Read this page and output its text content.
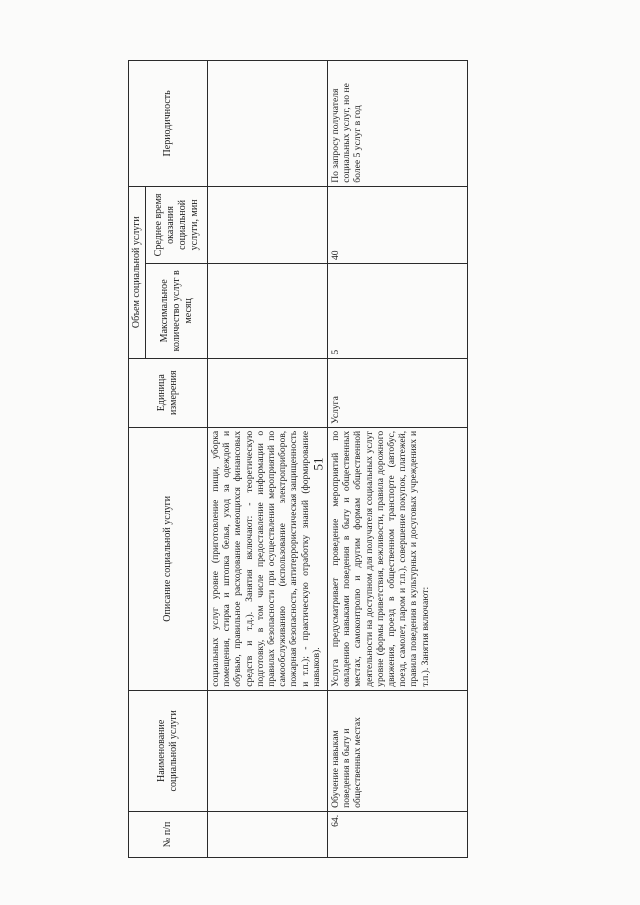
51
№ п/п	Наименование социальной услуги	Описание социальной услуги	Единица измерения	Объем социальной услуги		Периодичность
				Максимальное количество услуг в месяц	Среднее время оказания социальной услуги, мин	
		социальных услуг уровне (приготовление пищи, уборка помещения, стирка и штопка белья, уход за одеждой и обувью, правильное расходование имеющихся финансовых средств и т.д.). Занятия включают: - теоретическую подготовку, в том числе предоставление информации о правилах безопасности при осуществлении мероприятий по самообслуживанию (использование электроприборов, пожарная безопасность, антитеррористическая защищенность и т.п.); - практическую отработку знаний (формирование навыков).				
64.	Обучение навыкам поведения в быту и общественных местах	Услуга предусматривает проведение мероприятий по овладению навыками поведения в быту и общественных местах, самоконтролю и другим формам общественной деятельности на доступном для получателя социальных услуг уровне (формы приветствия, вежливости, правила дорожного движения, проезд в общественном транспорте (автобус, поезд, самолет, паром и т.п.), совершение покупок, платежей, правила поведения в культурных и досуговых учреждениях и т.п.). Занятия включают:	Услуга	5	40	По запросу получателя социальных услуг, но не более 5 услуг в год
